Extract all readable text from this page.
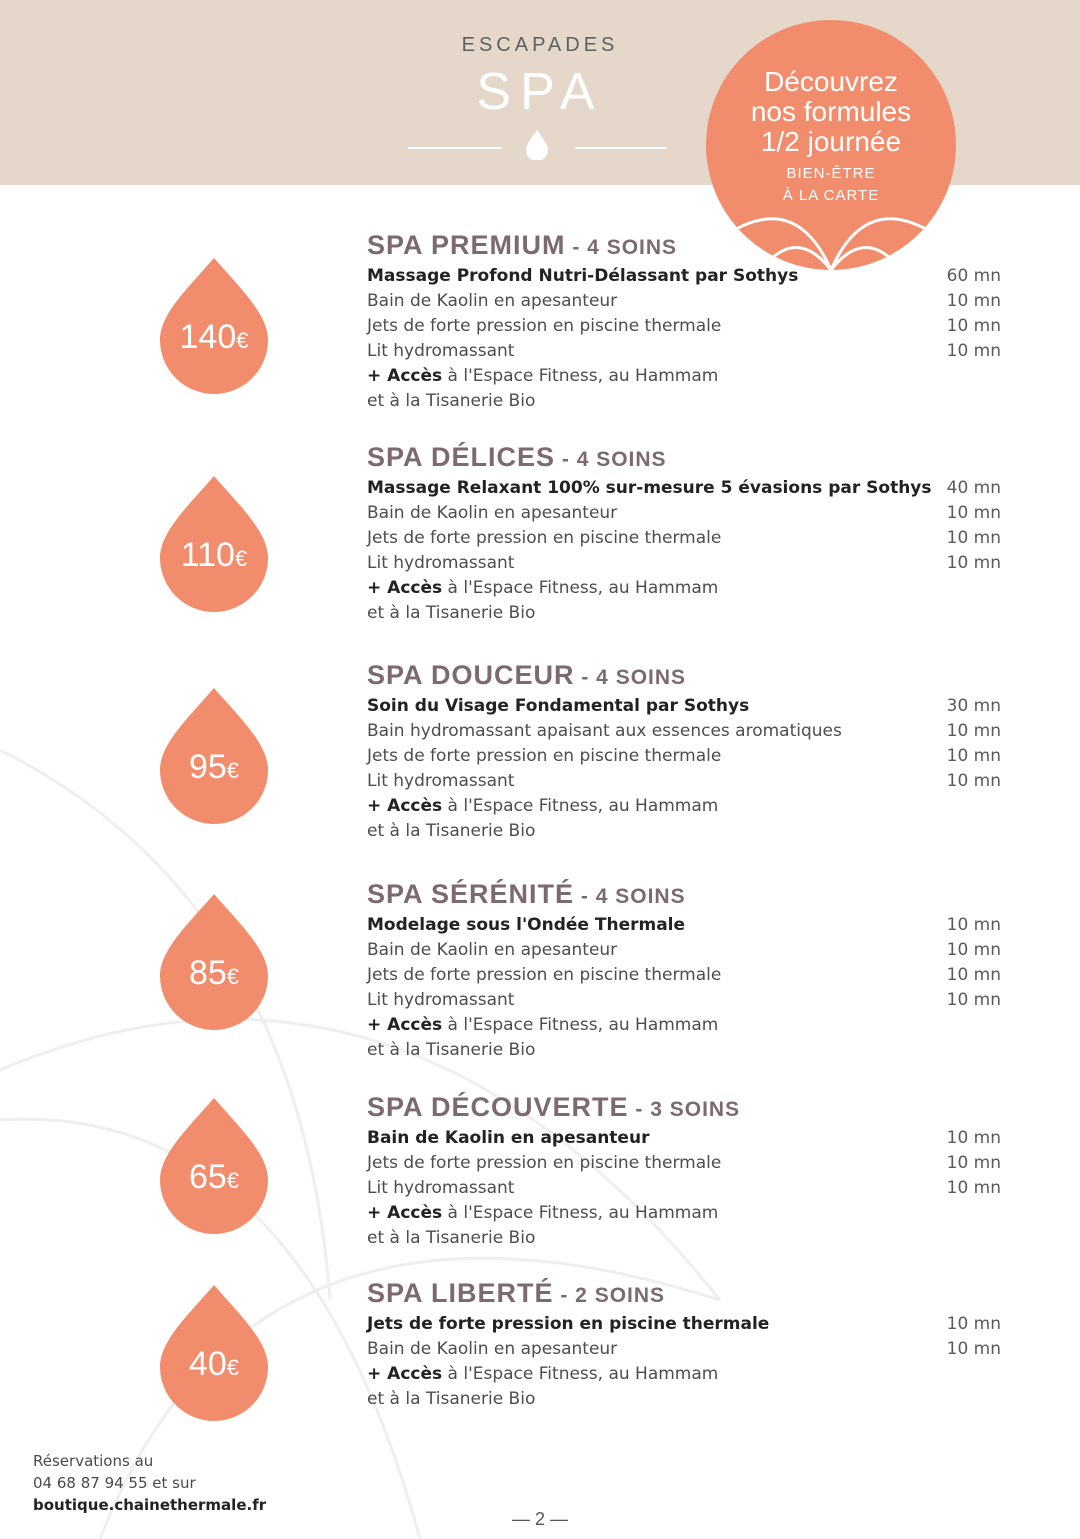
ESCAPADES
SPA	Découvrez
nos formules
1/2 journée
BIEN-ÊTRE
À LA CARTE
140€
110€
95€
85€
65€
40€
SPA PREMIUM - 4 SOINS
Massage Profond Nutri-Délassant par Sothys	60 mn
Bain de Kaolin en apesanteur	10 mn
Jets de forte pression en piscine thermale	10 mn
Lit hydromassant	10 mn
+ Accès à l'Espace Fitness, au Hammam
et à la Tisanerie Bio
SPA DÉLICES - 4 SOINS
Massage Relaxant 100% sur-mesure 5 évasions par Sothys 40 mn
Bain de Kaolin en apesanteur	10 mn
Jets de forte pression en piscine thermale	10 mn
Lit hydromassant	10 mn
+ Accès à l'Espace Fitness, au Hammam
et à la Tisanerie Bio
SPA DOUCEUR - 4 SOINS
Soin du Visage Fondamental par Sothys	30 mn
Bain hydromassant apaisant aux essences aromatiques	10 mn
Jets de forte pression en piscine thermale	10 mn
Lit hydromassant	10 mn
+ Accès à l'Espace Fitness, au Hammam
et à la Tisanerie Bio
SPA SÉRÉNITÉ - 4 SOINS
Modelage sous l'Ondée Thermale	10 mn
Bain de Kaolin en apesanteur	10 mn
Jets de forte pression en piscine thermale	10 mn
Lit hydromassant	10 mn
+ Accès à l'Espace Fitness, au Hammam
et à la Tisanerie Bio
SPA DÉCOUVERTE - 3 SOINS
Bain de Kaolin en apesanteur	10 mn
Jets de forte pression en piscine thermale	10 mn
Lit hydromassant	10 mn
+ Accès à l'Espace Fitness, au Hammam
et à la Tisanerie Bio
SPA LIBERTÉ - 2 SOINS
Jets de forte pression en piscine thermale	10 mn
Bain de Kaolin en apesanteur	10 mn
+ Accès à l'Espace Fitness, au Hammam
et à la Tisanerie Bio
Réservations au
04 68 87 94 55 et sur
boutique.chainethermale.fr
— 2 —
